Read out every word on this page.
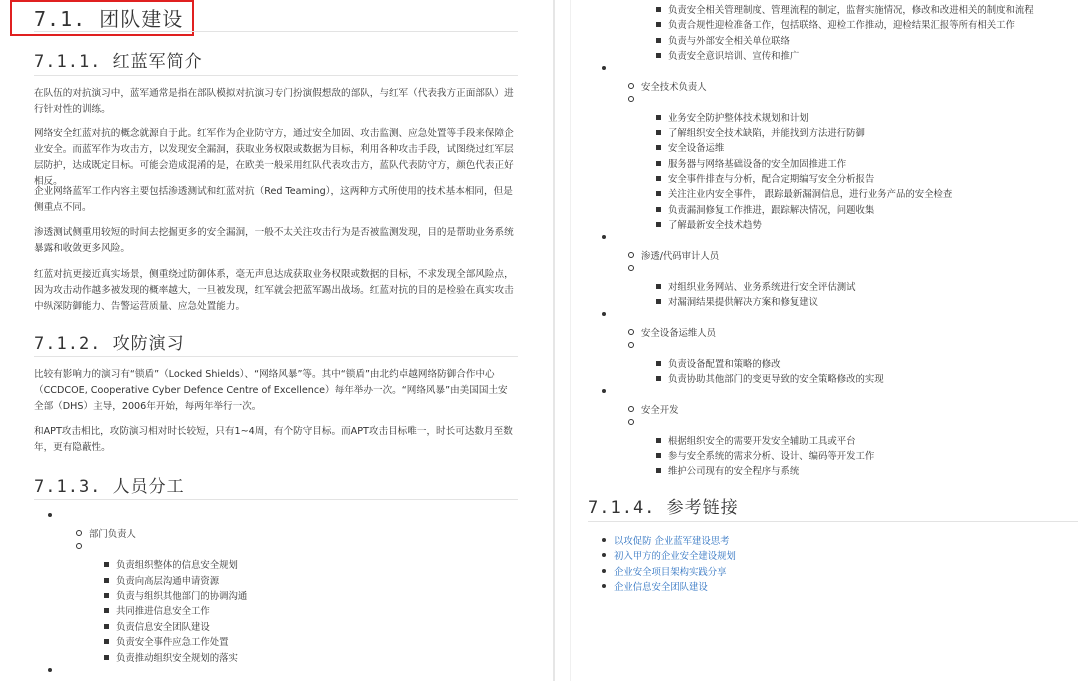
7.1. 团队建设
7.1.1. 红蓝军简介

在队伍的对抗演习中，蓝军通常是指在部队模拟对抗演习专门扮演假想敌的部队，与红军（代表我方正面部队）进行针对性的训练。

网络安全红蓝对抗的概念就源自于此。红军作为企业防守方，通过安全加固、攻击监测、应急处置等手段来保障企业安全。而蓝军作为攻击方，以发现安全漏洞，获取业务权限或数据为目标，利用各种攻击手段，试图绕过红军层层防护，达成既定目标。可能会造成混淆的是，在欧美一般采用红队代表攻击方，蓝队代表防守方，颜色代表正好相反。

企业网络蓝军工作内容主要包括渗透测试和红蓝对抗（Red Teaming），这两种方式所使用的技术基本相同，但是侧重点不同。

渗透测试侧重用较短的时间去挖掘更多的安全漏洞，一般不太关注攻击行为是否被监测发现，目的是帮助业务系统暴露和收敛更多风险。

红蓝对抗更接近真实场景，侧重绕过防御体系，毫无声息达成获取业务权限或数据的目标，不求发现全部风险点，因为攻击动作越多被发现的概率越大，一旦被发现，红军就会把蓝军踢出战场。红蓝对抗的目的是检验在真实攻击中纵深防御能力、告警运营质量、应急处置能力。

7.1.2. 攻防演习

比较有影响力的演习有“锁盾”（Locked Shields）、“网络风暴”等。其中“锁盾”由北约卓越网络防御合作中心（CCDCOE, Cooperative Cyber Defence Centre of Excellence）每年举办一次。“网络风暴”由美国国土安全部（DHS）主导，2006年开始，每两年举行一次。

和APT攻击相比，攻防演习相对时长较短，只有1~4周，有个防守目标。而APT攻击目标唯一，时长可达数月至数年，更有隐蔽性。

7.1.3. 人员分工
部门负责人
负责组织整体的信息安全规划
负责向高层沟通申请资源
负责与组织其他部门的协调沟通
共同推进信息安全工作
负责信息安全团队建设
负责安全事件应急工作处置
负责推动组织安全规划的落实
负责安全相关管理制度、管理流程的制定，监督实施情况，修改和改进相关的制度和流程
负责合规性迎检准备工作，包括联络、迎检工作推动，迎检结果汇报等所有相关工作
负责与外部安全相关单位联络
负责安全意识培训、宣传和推广
安全技术负责人
业务安全防护整体技术规划和计划
了解组织安全技术缺陷，并能找到方法进行防御
安全设备运维
服务器与网络基础设备的安全加固推进工作
安全事件排查与分析，配合定期编写安全分析报告
关注注业内安全事件， 跟踪最新漏洞信息，进行业务产品的安全检查
负责漏洞修复工作推进，跟踪解决情况，问题收集
了解最新安全技术趋势
渗透/代码审计人员
对组织业务网站、业务系统进行安全评估测试
对漏洞结果提供解决方案和修复建议
安全设备运维人员
负责设备配置和策略的修改
负责协助其他部门的变更导致的安全策略修改的实现
安全开发
根据组织安全的需要开发安全辅助工具或平台
参与安全系统的需求分析、设计、编码等开发工作
维护公司现有的安全程序与系统
7.1.4. 参考链接
以攻促防 企业蓝军建设思考
初入甲方的企业安全建设规划
企业安全项目架构实践分享
企业信息安全团队建设
